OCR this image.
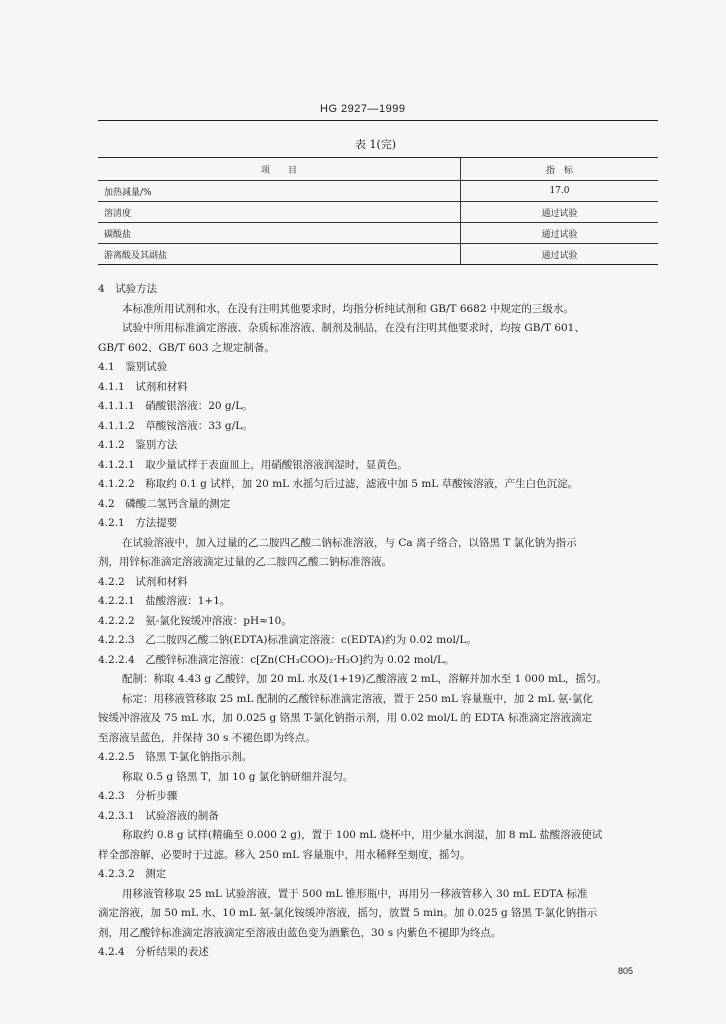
HG 2927—1999
表 1(完)
项　　目	指　标
加热减量/%	17.0
溶清度	通过试验
碳酸盐	通过试验
游离酸及其副盐	通过试验

4　试验方法

本标准所用试剂和水，在没有注明其他要求时，均指分析纯试剂和 GB/T 6682 中规定的三级水。

试验中所用标准滴定溶液、杂质标准溶液、制剂及制品，在没有注明其他要求时，均按 GB/T 601、

GB/T 602、GB/T 603 之规定制备。

4.1　鉴别试验

4.1.1　试剂和材料

4.1.1.1　硝酸银溶液：20 g/L。

4.1.1.2　草酸铵溶液：33 g/L。

4.1.2　鉴别方法

4.1.2.1　取少量试样于表面皿上，用硝酸银溶液润湿时，显黄色。

4.1.2.2　称取约 0.1 g 试样，加 20 mL 水摇匀后过滤，滤液中加 5 mL 草酸铵溶液，产生白色沉淀。

4.2　磷酸二氢钙含量的测定

4.2.1　方法提要

在试验溶液中，加入过量的乙二胺四乙酸二钠标准溶液，与 Ca 离子络合，以铬黑 T 氯化钠为指示

剂，用锌标准滴定溶液滴定过量的乙二胺四乙酸二钠标准溶液。

4.2.2　试剂和材料

4.2.2.1　盐酸溶液：1+1。

4.2.2.2　氨-氯化铵缓冲溶液：pH≈10。

4.2.2.3　乙二胺四乙酸二钠(EDTA)标准滴定溶液：c(EDTA)约为 0.02 mol/L。

4.2.2.4　乙酸锌标准滴定溶液：c[Zn(CH₃COO)₂·H₂O]约为 0.02 mol/L。

配制：称取 4.43 g 乙酸锌，加 20 mL 水及(1+19)乙酸溶液 2 mL，溶解并加水至 1 000 mL，摇匀。

标定：用移液管移取 25 mL 配制的乙酸锌标准滴定溶液，置于 250 mL 容量瓶中，加 2 mL 氨-氯化

铵缓冲溶液及 75 mL 水，加 0.025 g 铬黑 T-氯化钠指示剂，用 0.02 mol/L 的 EDTA 标准滴定溶液滴定

至溶液呈蓝色，并保持 30 s 不褪色即为终点。

4.2.2.5　铬黑 T-氯化钠指示剂。

称取 0.5 g 铬黑 T，加 10 g 氯化钠研细并混匀。

4.2.3　分析步骤

4.2.3.1　试验溶液的制备

称取约 0.8 g 试样(精确至 0.000 2 g)，置于 100 mL 烧杯中，用少量水润湿，加 8 mL 盐酸溶液使试

样全部溶解，必要时于过滤。移入 250 mL 容量瓶中，用水稀释至刻度，摇匀。

4.2.3.2　测定

用移液管移取 25 mL 试验溶液，置于 500 mL 锥形瓶中，再用另一移液管移入 30 mL EDTA 标准

滴定溶液，加 50 mL 水、10 mL 氨-氯化铵缓冲溶液，摇匀，放置 5 min。加 0.025 g 铬黑 T-氯化钠指示

剂，用乙酸锌标准滴定溶液滴定至溶液由蓝色变为酒紫色，30 s 内紫色不褪即为终点。

4.2.4　分析结果的表述

805
